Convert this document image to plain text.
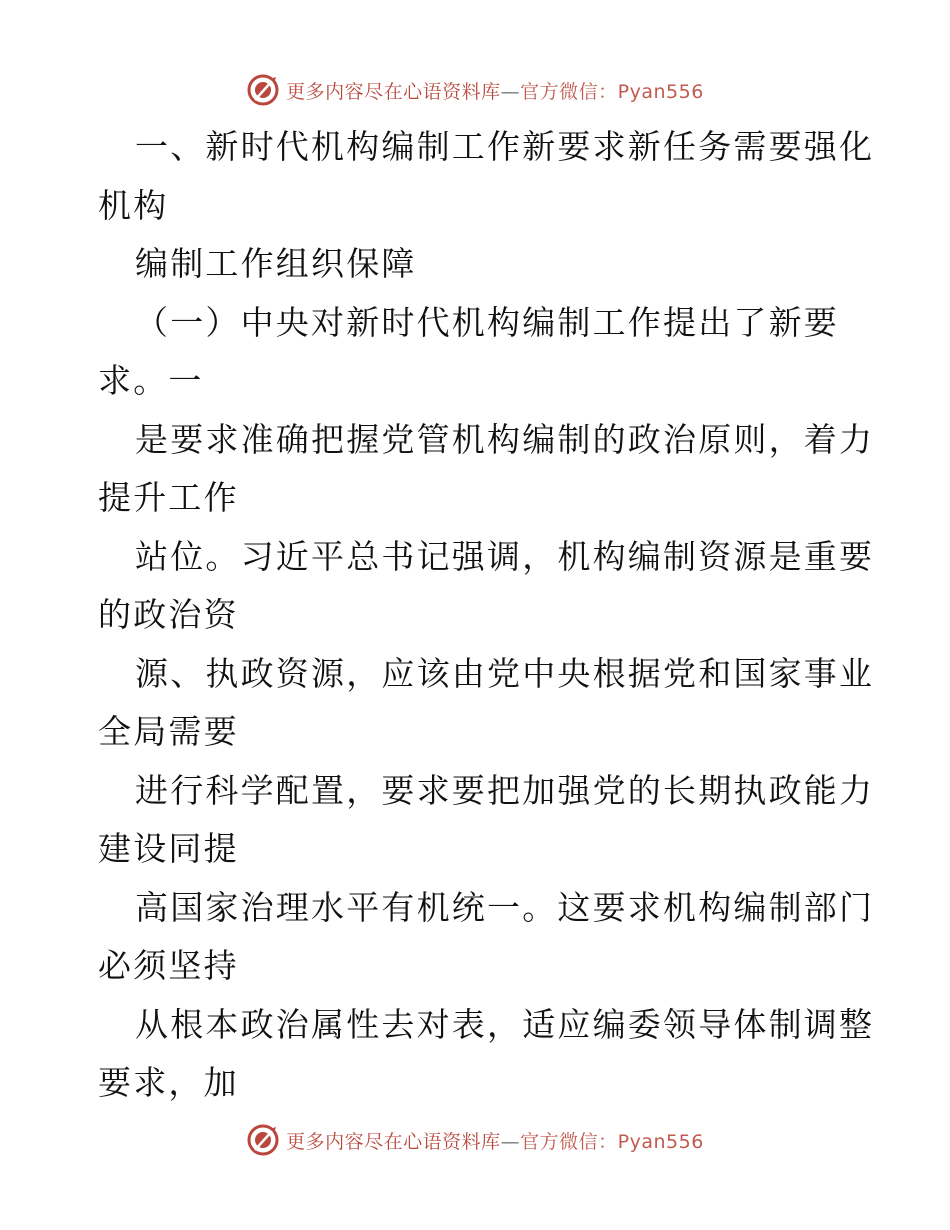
更多内容尽在心语资料库—官方微信：Pyan556
一、新时代机构编制工作新要求新任务需要强化
机构
编制工作组织保障
（一）中央对新时代机构编制工作提出了新要
求。一
是要求准确把握党管机构编制的政治原则，着力
提升工作
站位。习近平总书记强调，机构编制资源是重要
的政治资
源、执政资源，应该由党中央根据党和国家事业
全局需要
进行科学配置，要求要把加强党的长期执政能力
建设同提
高国家治理水平有机统一。这要求机构编制部门
必须坚持
从根本政治属性去对表，适应编委领导体制调整
要求，加
更多内容尽在心语资料库—官方微信：Pyan556
